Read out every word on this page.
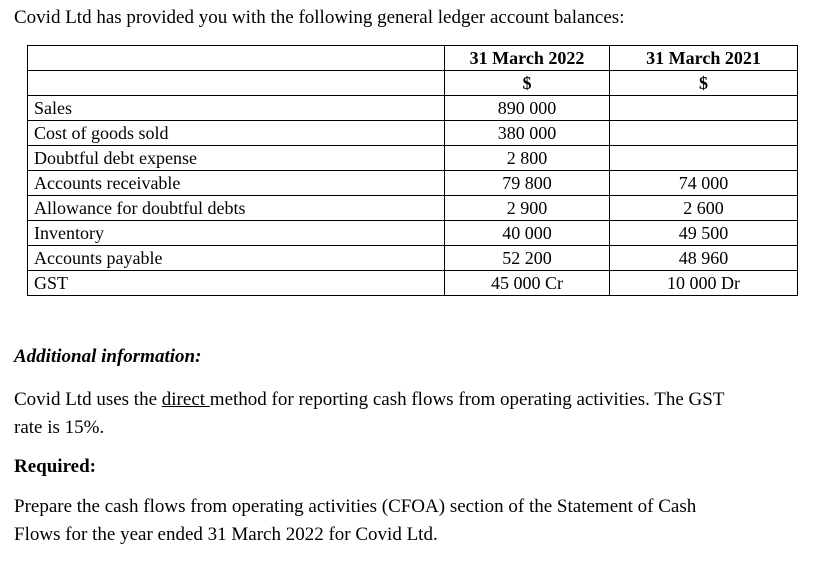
Covid Ltd has provided you with the following general ledger account balances:
	31 March 2022	31 March 2021
	$	$
Sales	890 000	
Cost of goods sold	380 000	
Doubtful debt expense	2 800	
Accounts receivable	79 800	74 000
Allowance for doubtful debts	2 900	2 600
Inventory	40 000	49 500
Accounts payable	52 200	48 960
GST	45 000 Cr	10 000 Dr
Additional information:
Covid Ltd uses the direct method for reporting cash flows from operating activities. The GST
rate is 15%.
Required:
Prepare the cash flows from operating activities (CFOA) section of the Statement of Cash
Flows for the year ended 31 March 2022 for Covid Ltd.
